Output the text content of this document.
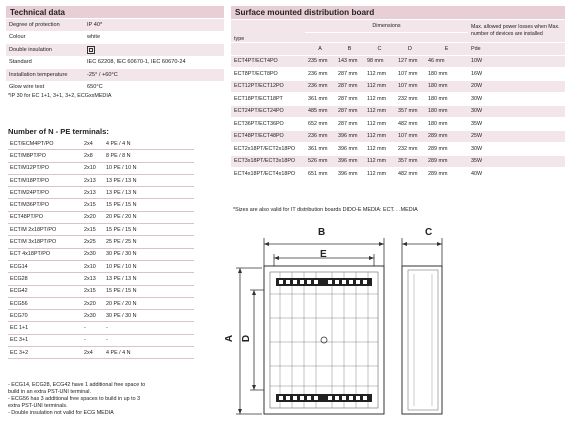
Technical data
Degree of protection	IP 40*
Colour	white
Double insulation	

Standard	IEC 62208, IEC 60670-1, IEC 60670-24
Installation temperature	-25° / +60°C
Glow wire test	650°C
*IP 30 for EC 1+1, 3+1, 3+2, ECGxxMEDIA
Number of N - PE terminals:
ECT/ECM4PT/PO	2x4	4 PE / 4 N
ECT/M8PT/PO	2x8	8 PE / 8 N
ECT/M12PT/PO	2x10	10 PE / 10 N
ECT/M18PT/PO	2x13	13 PE / 13 N
ECT/M24PT/PO	2x13	13 PE / 13 N
ECT/M36PT/PO	2x15	15 PE / 15 N
ECT48PT/PO	2x20	20 PE / 20 N
ECT/M 2x18PT/PO	2x15	15 PE / 15 N
ECT/M 3x18PT/PO	2x25	25 PE / 25 N
ECT 4x18PT/PO	2x30	30 PE / 30 N
ECG14	2x10	10 PE / 10 N
ECG28	2x13	13 PE / 13 N
ECG42	2x15	15 PE / 15 N
ECG56	2x20	20 PE / 20 N
ECG70	2x30	30 PE / 30 N
EC 1+1	-	-
EC 3+1	-	-
EC 3+2	2x4	4 PE / 4 N
- ECG14, ECG28, ECG42 have 1 additional free space to
build in an extra PST-UNI terminal.
- ECG56 has 3 additional free spaces to build in up to 3
extra PST-UNI terminals.
- Double insulation not valid for ECG MEDIA
Surface mounted distribution board
type	Dimensions					Max. allowed power losses when Max. number of devices are installed

	A	B	C	D	E	Pde
ECT4PT/ECT4PO	235 mm	143 mm	98 mm	127 mm	46 mm	10W
ECT8PT/ECT8PO	236 mm	287 mm	112 mm	107 mm	180 mm	16W
ECT12PT/ECT12PO	236 mm	287 mm	112 mm	107 mm	180 mm	20W
ECT18PT/ECT18PT	361 mm	287 mm	112 mm	232 mm	180 mm	30W
ECT24PT/ECT24PO	485 mm	287 mm	112 mm	357 mm	180 mm	30W
ECT36PT/ECT36PO	652 mm	287 mm	112 mm	482 mm	180 mm	35W
ECT48PT/ECT48PO	236 mm	396 mm	112 mm	107 mm	289 mm	25W
ECT2x18PT/ECT2x18PO	361 mm	396 mm	112 mm	232 mm	289 mm	30W
ECT3x18PT/ECT3x18PO	526 mm	396 mm	112 mm	357 mm	289 mm	35W
ECT4x18PT/ECT4x18PO	651 mm	396 mm	112 mm	482 mm	289 mm	40W
*Sizes are also valid for IT distribution boards DIDO-E MEDIA: ECT. . .MEDIA
B
E
C
A D
